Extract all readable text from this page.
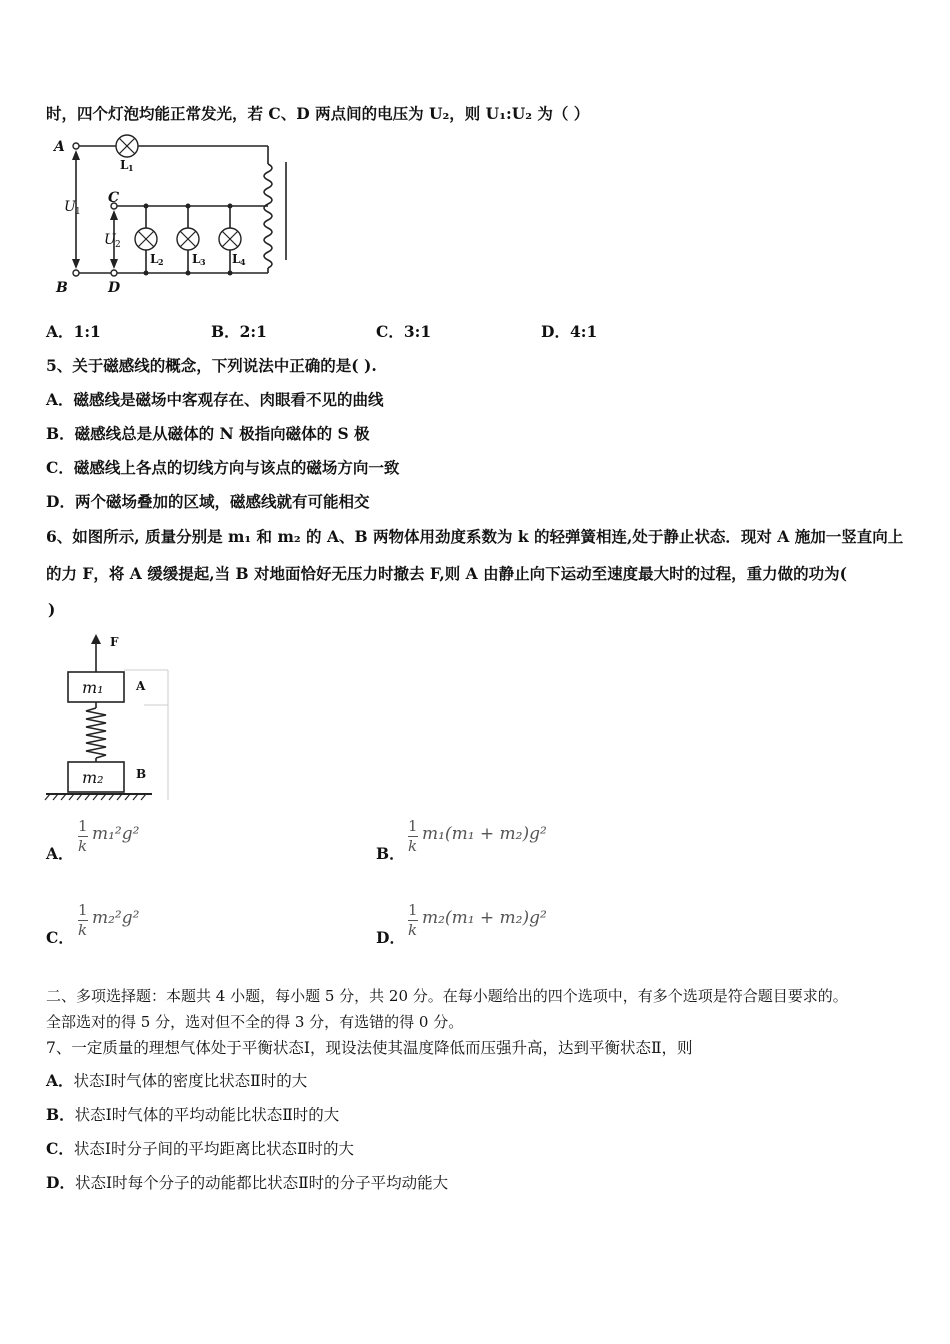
时，四个灯泡均能正常发光，若 C、D 两点间的电压为 U₂，则 U₁:U₂ 为（ ）
A
B
C
D
U 1
U 2
L 1
L 2 L 3 L 4
A．1:1	B．2:1	C．3:1	D．4:1
5、关于磁感线的概念，下列说法中正确的是( ).
A．磁感线是磁场中客观存在、肉眼看不见的曲线
B．磁感线总是从磁体的 N 极指向磁体的 S 极
C．磁感线上各点的切线方向与该点的磁场方向一致
D．两个磁场叠加的区域，磁感线就有可能相交
6、如图所示, 质量分别是 m₁ 和 m₂ 的 A、B 两物体用劲度系数为 k 的轻弹簧相连,处于静止状态．现对 A 施加一竖直向上
的力 F，将 A 缓缓提起,当 B 对地面恰好无压力时撤去 F,则 A 由静止向下运动至速度最大时的过程，重力做的功为(
)
F
A
B
m₁
m₂
A．
1
k
m₁²g²
B．
1
k
m₁(m₁ + m₂)g²
C．
1
k
m₂²g²
D．
1
k
m₂(m₁ + m₂)g²
二、多项选择题：本题共 4 小题，每小题 5 分，共 20 分。在每小题给出的四个选项中，有多个选项是符合题目要求的。
全部选对的得 5 分，选对但不全的得 3 分，有选错的得 0 分。
7、一定质量的理想气体处于平衡状态Ⅰ，现设法使其温度降低而压强升高，达到平衡状态Ⅱ，则
A．状态Ⅰ时气体的密度比状态Ⅱ时的大
B．状态Ⅰ时气体的平均动能比状态Ⅱ时的大
C．状态Ⅰ时分子间的平均距离比状态Ⅱ时的大
D．状态Ⅰ时每个分子的动能都比状态Ⅱ时的分子平均动能大
